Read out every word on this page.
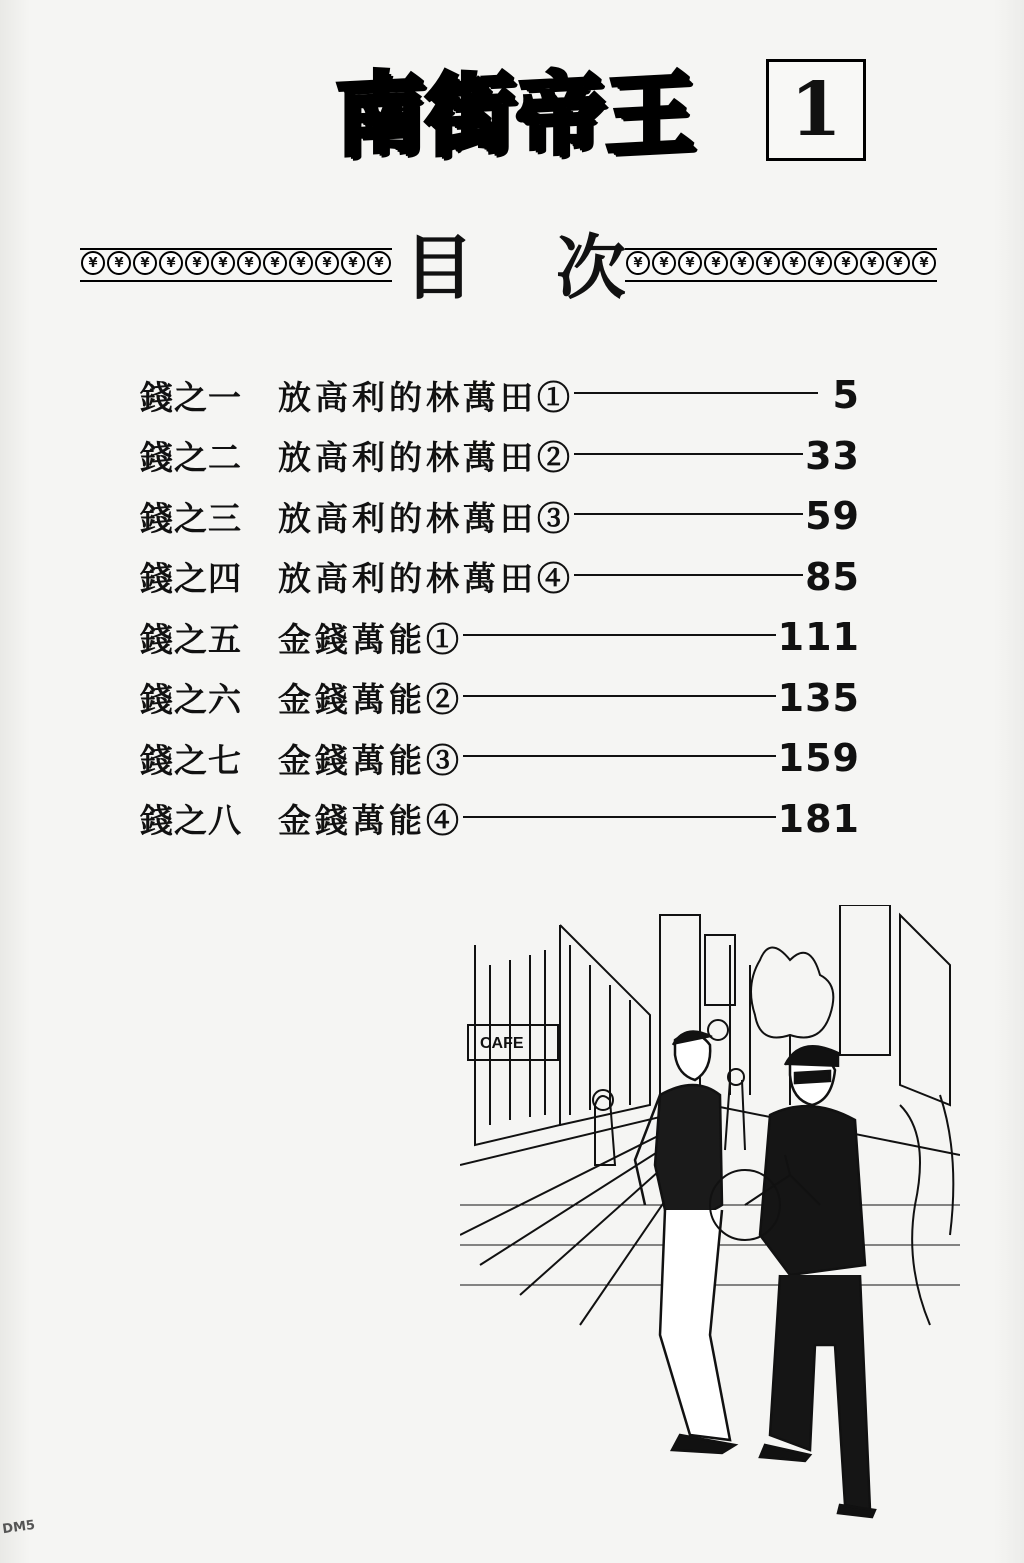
南 街 帝 王	1
¥	¥	¥	¥	¥	¥	¥	¥	¥	¥	¥	¥ 目 次 ¥	¥	¥	¥	¥	¥	¥	¥	¥	¥	¥	¥
錢之一	放高利的林萬田①	5
錢之二	放高利的林萬田②	33
錢之三	放高利的林萬田③	59
錢之四	放高利的林萬田④	85
錢之五	金錢萬能①	111
錢之六	金錢萬能②	135
錢之七	金錢萬能③	159
錢之八	金錢萬能④	181
CAFE
DM5
